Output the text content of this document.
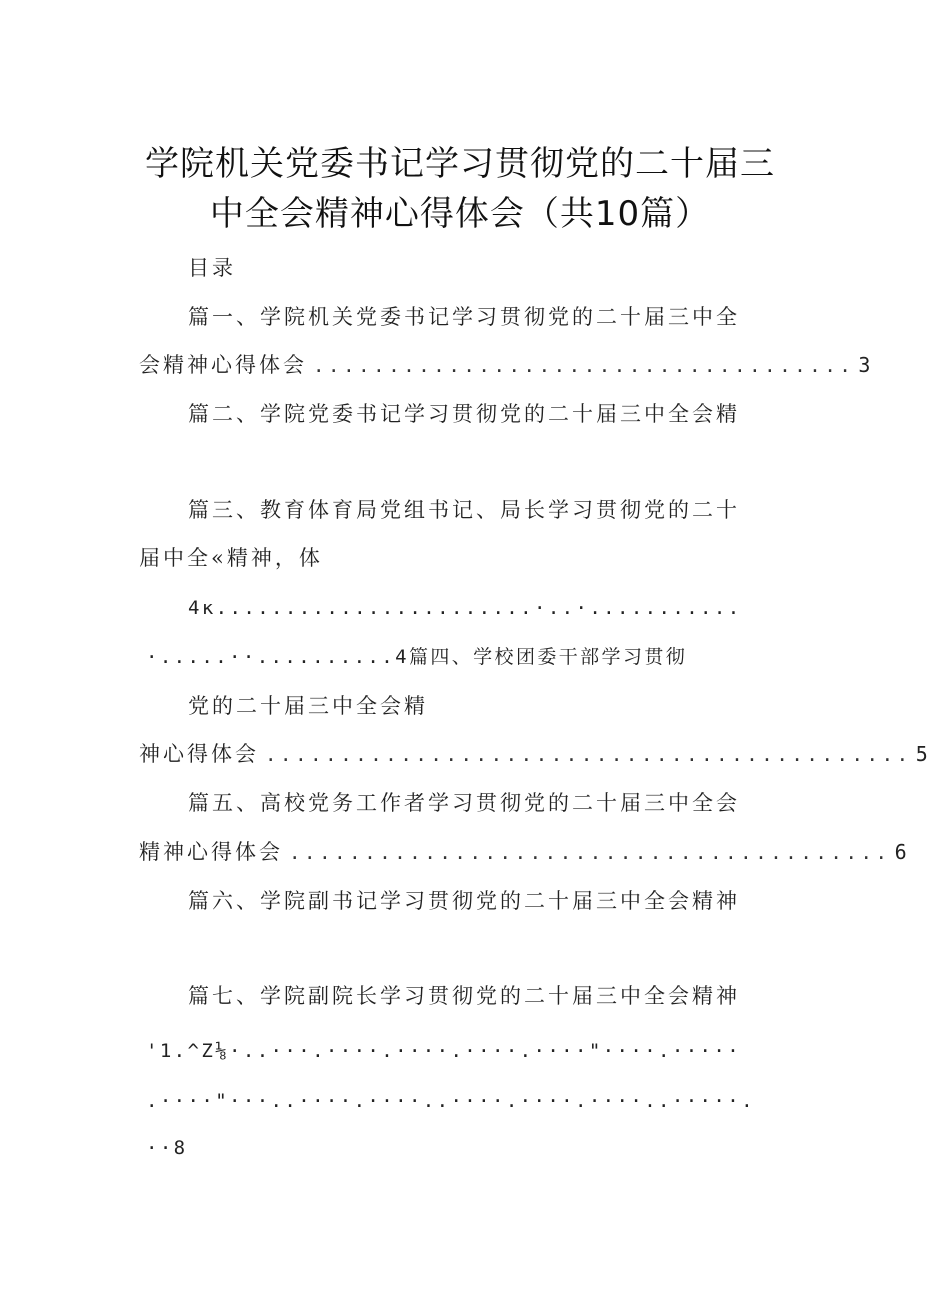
学院机关党委书记学习贯彻党的二十届三
中全会精神心得体会（共10篇）
目录
篇一、学院机关党委书记学习贯彻党的二十届三中全
会精神心得体会 .................................... 3
篇二、学院党委书记学习贯彻党的二十届三中全会精
篇三、教育体育局党组书记、局长学习贯彻党的二十
届中全«精神，体
4κ.......................·..·...........
·.....··..........4篇四、学校团委干部学习贯彻
党的二十届三中全会精
神心得体会 ........................................... 5
篇五、高校党务工作者学习贯彻党的二十届三中全会
精神心得体会 ........................................ 6
篇六、学院副书记学习贯彻党的二十届三中全会精神
篇七、学院副院长学习贯彻党的二十届三中全会精神
'1.^Z⅛·..···.····.····.····.····"····.·····
.····"···..····.····..····.····.····..·····.
··8
